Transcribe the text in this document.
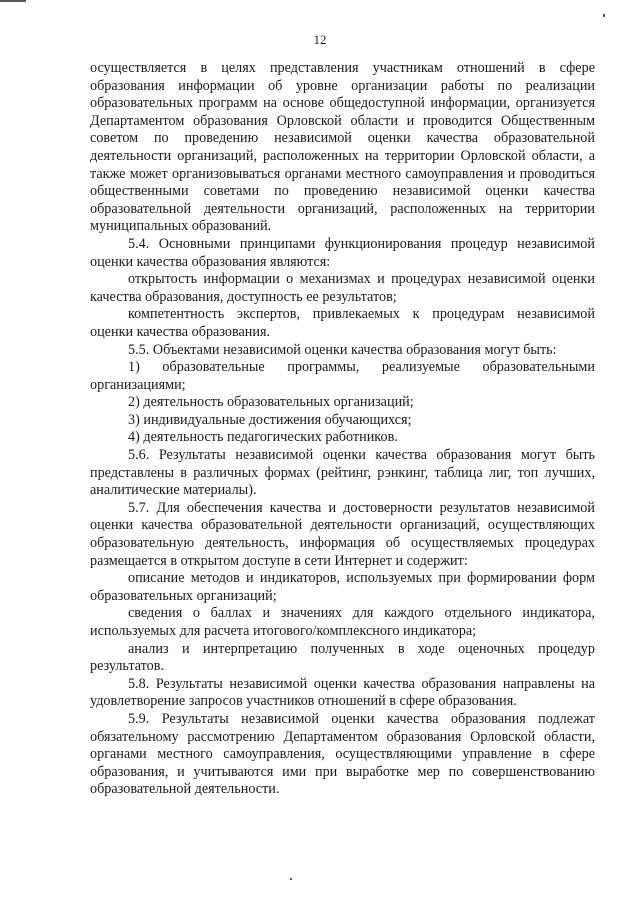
12

осуществляется в целях представления участникам отношений в сфере образования информации об уровне организации работы по реализации образовательных программ на основе общедоступной информации, организуется Департаментом образования Орловской области и проводится Общественным советом по проведению независимой оценки качества образовательной деятельности организаций, расположенных на территории Орловской области, а также может организовываться органами местного самоуправления и проводиться общественными советами по проведению независимой оценки качества образовательной деятельности организаций, расположенных на территории муниципальных образований.

5.4. Основными принципами функционирования процедур независимой оценки качества образования являются:

открытость информации о механизмах и процедурах независимой оценки качества образования, доступность ее результатов;

компетентность экспертов, привлекаемых к процедурам независимой оценки качества образования.

5.5. Объектами независимой оценки качества образования могут быть:

1) образовательные программы, реализуемые образовательными организациями;

2) деятельность образовательных организаций;

3) индивидуальные достижения обучающихся;

4) деятельность педагогических работников.

5.6. Результаты независимой оценки качества образования могут быть представлены в различных формах (рейтинг, рэнкинг, таблица лиг, топ лучших, аналитические материалы).

5.7. Для обеспечения качества и достоверности результатов независимой оценки качества образовательной деятельности организаций, осуществляющих образовательную деятельность, информация об осуществляемых процедурах размещается в открытом доступе в сети Интернет и содержит:

описание методов и индикаторов, используемых при формировании форм образовательных организаций;

сведения о баллах и значениях для каждого отдельного индикатора, используемых для расчета итогового/комплексного индикатора;

анализ и интерпретацию полученных в ходе оценочных процедур результатов.

5.8. Результаты независимой оценки качества образования направлены на удовлетворение запросов участников отношений в сфере образования.

5.9. Результаты независимой оценки качества образования подлежат обязательному рассмотрению Департаментом образования Орловской области, органами местного самоуправления, осуществляющими управление в сфере образования, и учитываются ими при выработке мер по совершенствованию образовательной деятельности.
